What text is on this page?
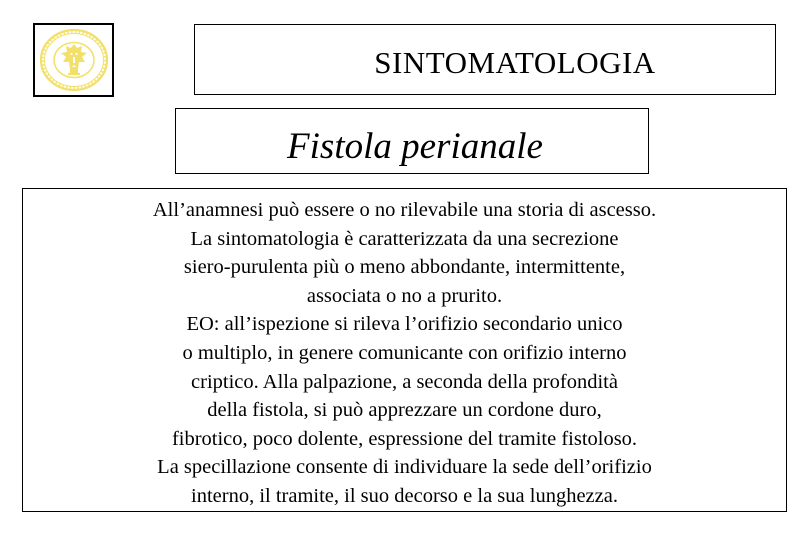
SINTOMATOLOGIA
Fistola perianale
All’anamnesi può essere o no rilevabile una storia di ascesso.
La sintomatologia è caratterizzata da una secrezione
siero-purulenta più o meno abbondante, intermittente,
associata o no a prurito.
EO: all’ispezione si rileva l’orifizio secondario unico
o multiplo, in genere comunicante con orifizio interno
criptico. Alla palpazione, a seconda della profondità
della fistola, si può apprezzare un cordone duro,
fibrotico, poco dolente, espressione del tramite fistoloso.
La specillazione consente di individuare la sede dell’orifizio
interno, il tramite, il suo decorso e la sua lunghezza.
